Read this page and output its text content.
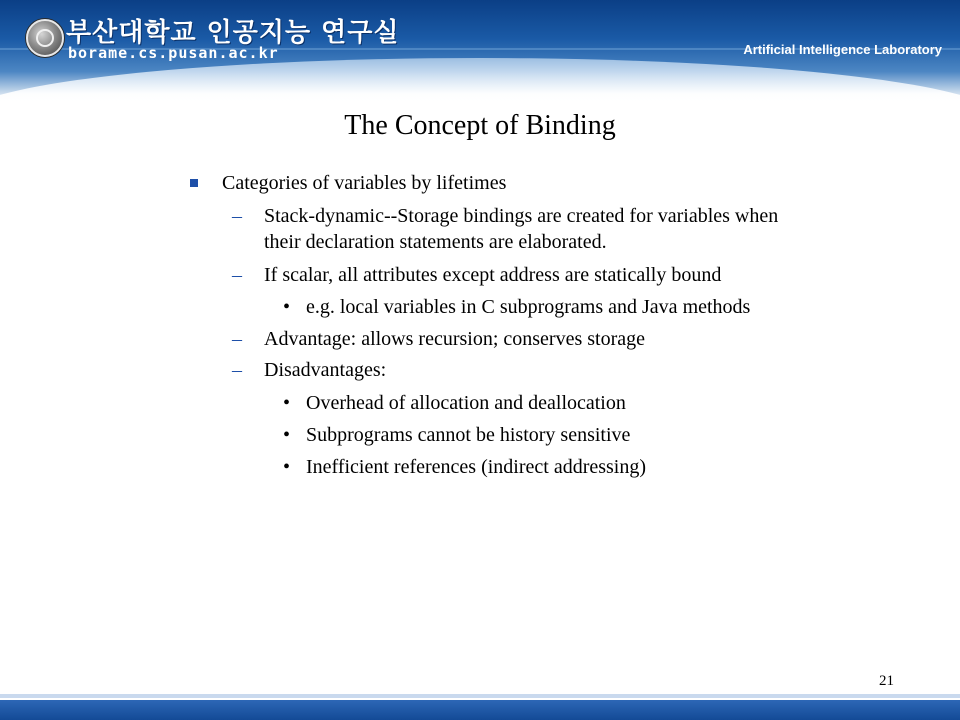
부산대학교 인공지능 연구실
borame.cs.pusan.ac.kr	Artificial Intelligence Laboratory
The Concept of Binding
Categories of variables by lifetimes
– Stack-dynamic--Storage bindings are created for variables when
their declaration statements are elaborated.
– If scalar, all attributes except address are statically bound
• e.g. local variables in C subprograms and Java methods
– Advantage: allows recursion; conserves storage
– Disadvantages:
• Overhead of allocation and deallocation
• Subprograms cannot be history sensitive
• Inefficient references (indirect addressing)
21
